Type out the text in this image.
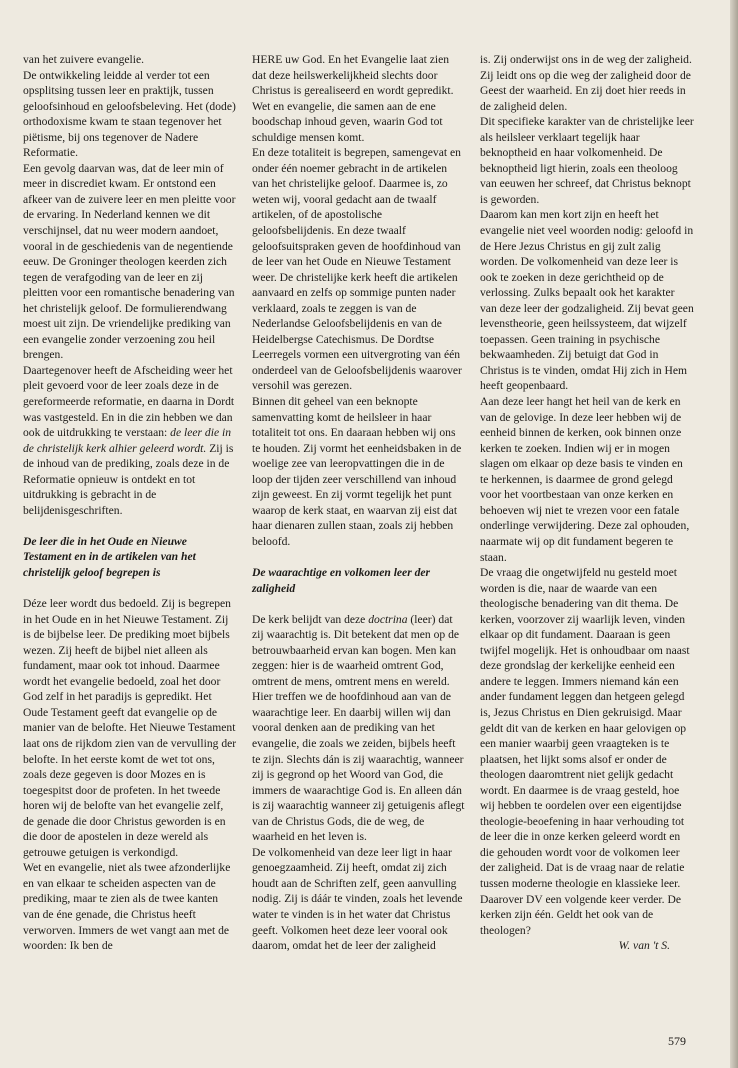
van het zuivere evangelie.

De ontwikkeling leidde al verder tot een opsplitsing tussen leer en praktijk, tussen geloofsinhoud en geloofsbeleving. Het (dode) orthodoxisme kwam te staan tegenover het piëtisme, bij ons tegenover de Nadere Reformatie.

Een gevolg daarvan was, dat de leer min of meer in discrediet kwam. Er ontstond een afkeer van de zuivere leer en men pleitte voor de ervaring. In Nederland kennen we dit verschijnsel, dat nu weer modern aandoet, vooral in de geschiedenis van de negentiende eeuw. De Groninger theologen keerden zich tegen de verafgoding van de leer en zij pleitten voor een romantische benadering van het christelijk geloof. De formulierendwang moest uit zijn. De vriendelijke prediking van een evangelie zonder verzoening zou heil brengen.

Daartegenover heeft de Afscheiding weer het pleit gevoerd voor de leer zoals deze in de gereformeerde reformatie, en daarna in Dordt was vastgesteld. En in die zin hebben we dan ook de uitdrukking te verstaan: de leer die in de christelijk kerk alhier geleerd wordt. Zij is de inhoud van de prediking, zoals deze in de Reformatie opnieuw is ontdekt en tot uitdrukking is gebracht in de belijdenisgeschriften.

De leer die in het Oude en Nieuwe Testament en in de artikelen van het christelijk geloof begrepen is

Déze leer wordt dus bedoeld. Zij is begrepen in het Oude en in het Nieuwe Testament. Zij is de bijbelse leer. De prediking moet bijbels wezen. Zij heeft de bijbel niet alleen als fundament, maar ook tot inhoud. Daarmee wordt het evangelie bedoeld, zoal het door God zelf in het paradijs is gepredikt. Het Oude Testament geeft dat evangelie op de manier van de belofte. Het Nieuwe Testament laat ons de rijkdom zien van de vervulling der belofte. In het eerste komt de wet tot ons, zoals deze gegeven is door Mozes en is toegespitst door de profeten. In het tweede horen wij de belofte van het evangelie zelf, de genade die door Christus geworden is en die door de apostelen in deze wereld als getrouwe getuigen is verkondigd.

Wet en evangelie, niet als twee afzonderlijke en van elkaar te scheiden aspecten van de prediking, maar te zien als de twee kanten van de éne genade, die Christus heeft verworven. Immers de wet vangt aan met de woorden: Ik ben de

HERE uw God. En het Evangelie laat zien dat deze heilswerkelijkheid slechts door Christus is gerealiseerd en wordt gepredikt. Wet en evangelie, die samen aan de ene boodschap inhoud geven, waarin God tot schuldige mensen komt.

En deze totaliteit is begrepen, samengevat en onder één noemer gebracht in de artikelen van het christelijke geloof. Daarmee is, zo weten wij, vooral gedacht aan de twaalf artikelen, of de apostolische geloofsbelijdenis. En deze twaalf geloofsuitspraken geven de hoofdinhoud van de leer van het Oude en Nieuwe Testament weer. De christelijke kerk heeft die artikelen aanvaard en zelfs op sommige punten nader verklaard, zoals te zeggen is van de Nederlandse Geloofsbelijdenis en van de Heidelbergse Catechismus. De Dordtse Leerregels vormen een uitvergroting van één onderdeel van de Geloofsbelijdenis waarover versohil was gerezen.

Binnen dit geheel van een beknopte samenvatting komt de heilsleer in haar totaliteit tot ons. En daaraan hebben wij ons te houden. Zij vormt het eenheidsbaken in de woelige zee van leeropvattingen die in de loop der tijden zeer verschillend van inhoud zijn geweest. En zij vormt tegelijk het punt waarop de kerk staat, en waarvan zij eist dat haar dienaren zullen staan, zoals zij hebben beloofd.

De waarachtige en volkomen leer der zaligheid

De kerk belijdt van deze doctrina (leer) dat zij waarachtig is. Dit betekent dat men op de betrouwbaarheid ervan kan bogen. Men kan zeggen: hier is de waarheid omtrent God, omtrent de mens, omtrent mens en wereld. Hier treffen we de hoofdinhoud aan van de waarachtige leer. En daarbij willen wij dan vooral denken aan de prediking van het evangelie, die zoals we zeiden, bijbels heeft te zijn. Slechts dán is zij waarachtig, wanneer zij is gegrond op het Woord van God, die immers de waarachtige God is. En alleen dán is zij waarachtig wanneer zij getuigenis aflegt van de Christus Gods, die de weg, de waarheid en het leven is.

De volkomenheid van deze leer ligt in haar genoegzaamheid. Zij heeft, omdat zij zich houdt aan de Schriften zelf, geen aanvulling nodig. Zij is dáár te vinden, zoals het levende water te vinden is in het water dat Christus geeft. Volkomen heet deze leer vooral ook daarom, omdat het de leer der zaligheid

is. Zij onderwijst ons in de weg der zaligheid. Zij leidt ons op die weg der zaligheid door de Geest der waarheid. En zij doet hier reeds in de zaligheid delen.

Dit specifieke karakter van de christelijke leer als heilsleer verklaart tegelijk haar beknoptheid en haar volkomenheid. De beknoptheid ligt hierin, zoals een theoloog van eeuwen her schreef, dat Christus beknopt is geworden.

Daarom kan men kort zijn en heeft het evangelie niet veel woorden nodig: geloofd in de Here Jezus Christus en gij zult zalig worden. De volkomenheid van deze leer is ook te zoeken in deze gerichtheid op de verlossing. Zulks bepaalt ook het karakter van deze leer der godzaligheid. Zij bevat geen levenstheorie, geen heilssysteem, dat wijzelf toepassen. Geen training in psychische bekwaamheden. Zij betuigt dat God in Christus is te vinden, omdat Hij zich in Hem heeft geopenbaard.

Aan deze leer hangt het heil van de kerk en van de gelovige. In deze leer hebben wij de eenheid binnen de kerken, ook binnen onze kerken te zoeken. Indien wij er in mogen slagen om elkaar op deze basis te vinden en te herkennen, is daarmee de grond gelegd voor het voortbestaan van onze kerken en behoeven wij niet te vrezen voor een fatale onderlinge verwijdering. Deze zal ophouden, naarmate wij op dit fundament begeren te staan.

De vraag die ongetwijfeld nu gesteld moet worden is die, naar de waarde van een theologische benadering van dit thema. De kerken, voorzover zij waarlijk leven, vinden elkaar op dit fundament. Daaraan is geen twijfel mogelijk. Het is onhoudbaar om naast deze grondslag der kerkelijke eenheid een andere te leggen. Immers niemand kán een ander fundament leggen dan hetgeen gelegd is, Jezus Christus en Dien gekruisigd. Maar geldt dit van de kerken en haar gelovigen op een manier waarbij geen vraagteken is te plaatsen, het lijkt soms alsof er onder de theologen daaromtrent niet gelijk gedacht wordt. En daarmee is de vraag gesteld, hoe wij hebben te oordelen over een eigentijdse theologie-beoefening in haar verhouding tot de leer die in onze kerken geleerd wordt en die gehouden wordt voor de volkomen leer der zaligheid. Dat is de vraag naar de relatie tussen moderne theologie en klassieke leer. Daarover DV een volgende keer verder. De kerken zijn één. Geldt het ook van de theologen?

W. van 't S.

579
